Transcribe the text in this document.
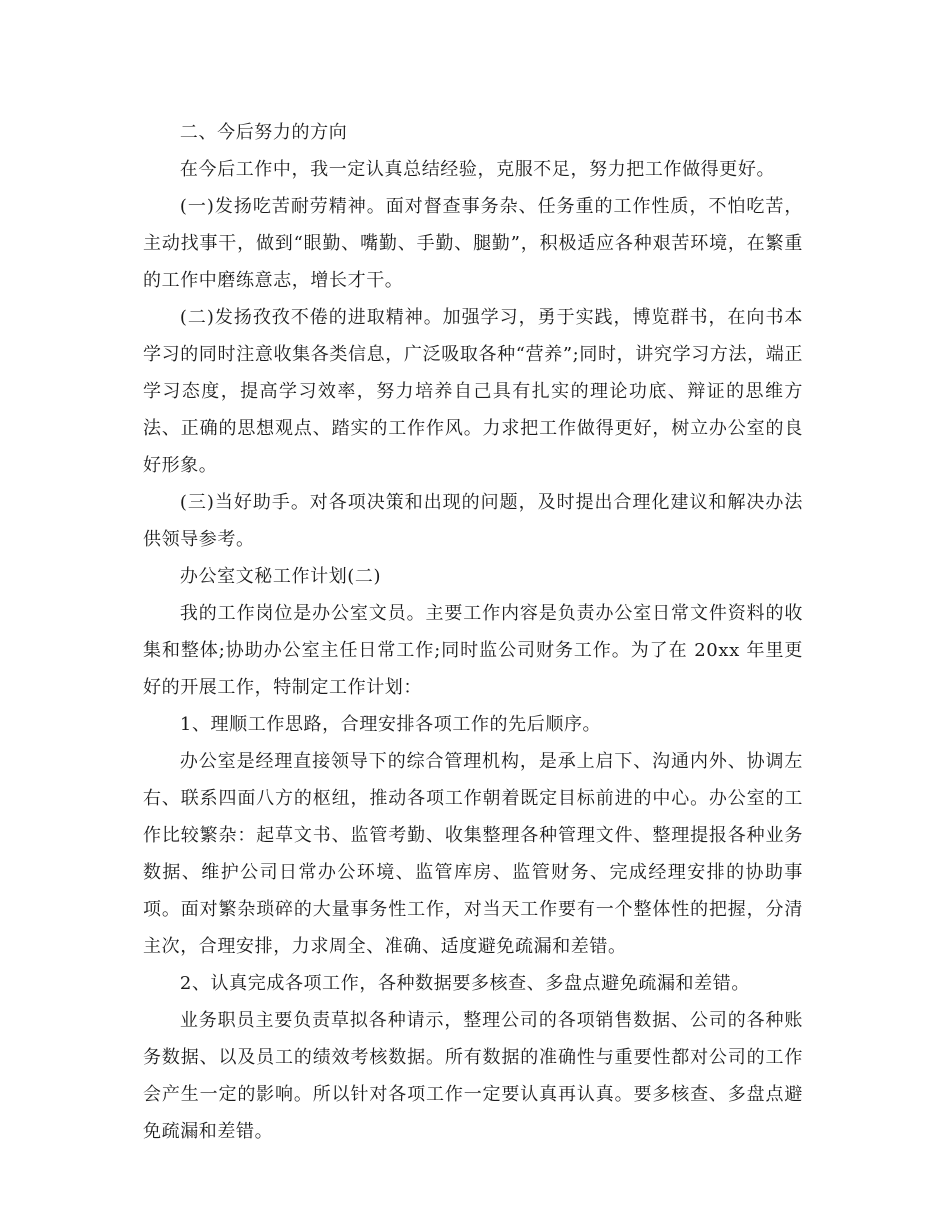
二、今后努力的方向

在今后工作中，我一定认真总结经验，克服不足，努力把工作做得更好。

(一)发扬吃苦耐劳精神。面对督查事务杂、任务重的工作性质，不怕吃苦，主动找事干，做到“眼勤、嘴勤、手勤、腿勤”，积极适应各种艰苦环境，在繁重的工作中磨练意志，增长才干。

(二)发扬孜孜不倦的进取精神。加强学习，勇于实践，博览群书，在向书本学习的同时注意收集各类信息，广泛吸取各种“营养”;同时，讲究学习方法，端正学习态度，提高学习效率，努力培养自己具有扎实的理论功底、辩证的思维方法、正确的思想观点、踏实的工作作风。力求把工作做得更好，树立办公室的良好形象。

(三)当好助手。对各项决策和出现的问题，及时提出合理化建议和解决办法供领导参考。

办公室文秘工作计划(二)

我的工作岗位是办公室文员。主要工作内容是负责办公室日常文件资料的收集和整体;协助办公室主任日常工作;同时监公司财务工作。为了在 20xx 年里更好的开展工作，特制定工作计划：

1、理顺工作思路，合理安排各项工作的先后顺序。

办公室是经理直接领导下的综合管理机构，是承上启下、沟通内外、协调左右、联系四面八方的枢纽，推动各项工作朝着既定目标前进的中心。办公室的工作比较繁杂：起草文书、监管考勤、收集整理各种管理文件、整理提报各种业务数据、维护公司日常办公环境、监管库房、监管财务、完成经理安排的协助事项。面对繁杂琐碎的大量事务性工作，对当天工作要有一个整体性的把握，分清主次，合理安排，力求周全、准确、适度避免疏漏和差错。

2、认真完成各项工作，各种数据要多核查、多盘点避免疏漏和差错。

业务职员主要负责草拟各种请示，整理公司的各项销售数据、公司的各种账务数据、以及员工的绩效考核数据。所有数据的准确性与重要性都对公司的工作会产生一定的影响。所以针对各项工作一定要认真再认真。要多核查、多盘点避免疏漏和差错。
